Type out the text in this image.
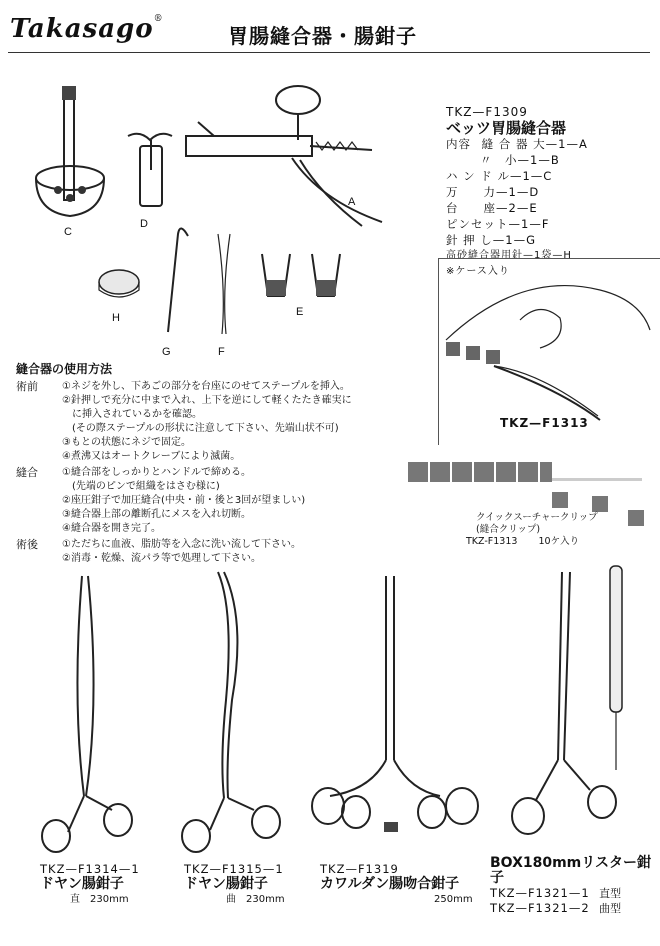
Takasago®
胃腸縫合器・腸鉗子
C
D
A
H
G	F
E
TKZ—F1309
ベッツ胃腸縫合器
内容 縫 合 器 大—1—A
〃　小—1—B
ハ ン ド ル—1—C
万　　力—1—D
台　　座—2—E
ピンセット—1—F
針 押 し—1—G
高砂縫合器用針—1袋—H
※ケース入り
TKZ—F1313
クイックスーチャークリップ
(縫合クリップ)
TKZ-F1313 10ケ入り
縫合器の使用方法
術前	①ネジを外し、下あごの部分を台座にのせてステープルを挿入。
②針押しで充分に中まで入れ、上下を逆にして軽くたたき確実に
　に挿入されているかを確認。
　(その際ステープルの形状に注意して下さい、先端山状不可)
③もとの状態にネジで固定。
④煮沸又はオートクレーブにより滅菌。
縫合	①縫合部をしっかりとハンドルで締める。
　(先端のピンで組織をはさむ様に)
②座圧鉗子で加圧縫合(中央・前・後と3回が望ましい)
③縫合器上部の離断孔にメスを入れ切断。
④縫合器を開き完了。
術後	①ただちに血液、脂肪等を入念に洗い流して下さい。
②消毒・乾燥、流パラ等で処理して下さい。
TKZ—F1314—1
ドヤン腸鉗子
直　230mm
TKZ—F1315—1
ドヤン腸鉗子
曲　230mm
TKZ—F1319
カワルダン腸吻合鉗子
250mm
BOX180mmリスター鉗子
TKZ—F1321—1 直型
TKZ—F1321—2 曲型
